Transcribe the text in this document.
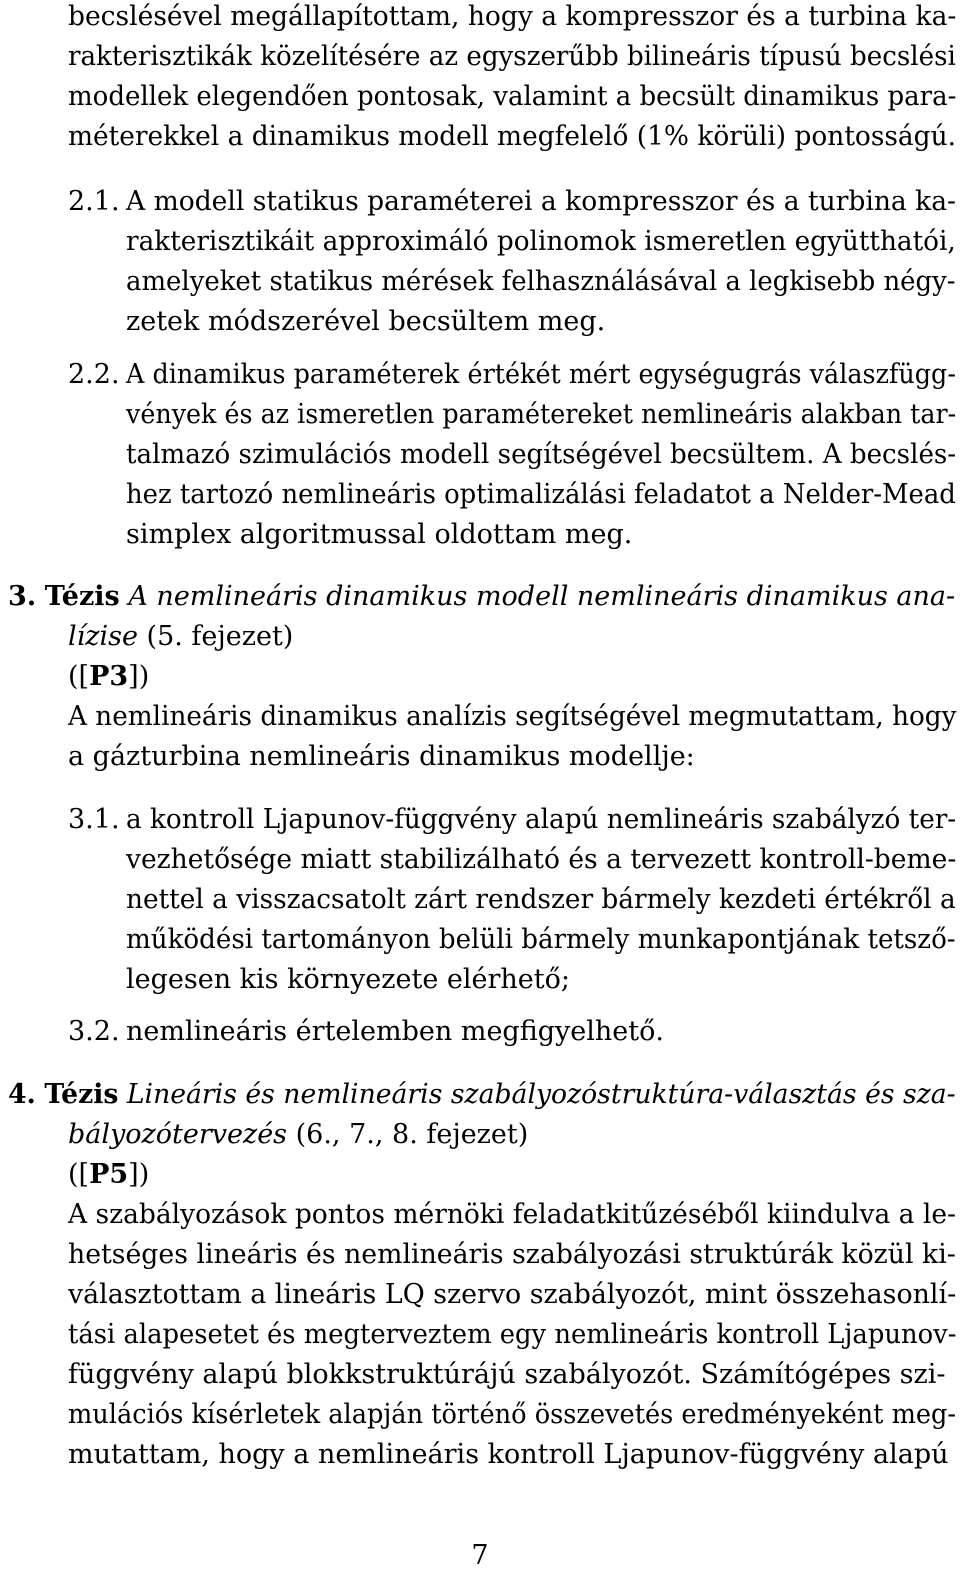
becslésével megállapítottam, hogy a kompresszor és a turbina ka-
rakterisztikák közelítésére az egyszerűbb bilineáris típusú becslési
modellek elegendően pontosak, valamint a becsült dinamikus para-
méterekkel a dinamikus modell megfelelő (1% körüli) pontosságú.
2.1. A modell statikus paraméterei a kompresszor és a turbina ka-
rakterisztikáit approximáló polinomok ismeretlen együtthatói,
amelyeket statikus mérések felhasználásával a legkisebb négy-
zetek módszerével becsültem meg.
2.2. A dinamikus paraméterek értékét mért egységugrás válaszfügg-
vények és az ismeretlen paramétereket nemlineáris alakban tar-
talmazó szimulációs modell segítségével becsültem. A becslés-
hez tartozó nemlineáris optimalizálási feladatot a Nelder-Mead
simplex algoritmussal oldottam meg.
3. Tézis A nemlineáris dinamikus modell nemlineáris dinamikus ana-
lízise (5. fejezet)
([P3])
A nemlineáris dinamikus analízis segítségével megmutattam, hogy
a gázturbina nemlineáris dinamikus modellje:
3.1. a kontroll Ljapunov-függvény alapú nemlineáris szabályzó ter-
vezhetősége miatt stabilizálható és a tervezett kontroll-beme-
nettel a visszacsatolt zárt rendszer bármely kezdeti értékről a
működési tartományon belüli bármely munkapontjának tetsző-
legesen kis környezete elérhető;
3.2. nemlineáris értelemben megfigyelhető.
4. Tézis Lineáris és nemlineáris szabályozóstruktúra-választás és sza-
bályozótervezés (6., 7., 8. fejezet)
([P5])
A szabályozások pontos mérnöki feladatkitűzéséből kiindulva a le-
hetséges lineáris és nemlineáris szabályozási struktúrák közül ki-
választottam a lineáris LQ szervo szabályozót, mint összehasonlí-
tási alapesetet és megterveztem egy nemlineáris kontroll Ljapunov-
függvény alapú blokkstruktúrájú szabályozót. Számítógépes szi-
mulációs kísérletek alapján történő összevetés eredményeként meg-
mutattam, hogy a nemlineáris kontroll Ljapunov-függvény alapú
7
